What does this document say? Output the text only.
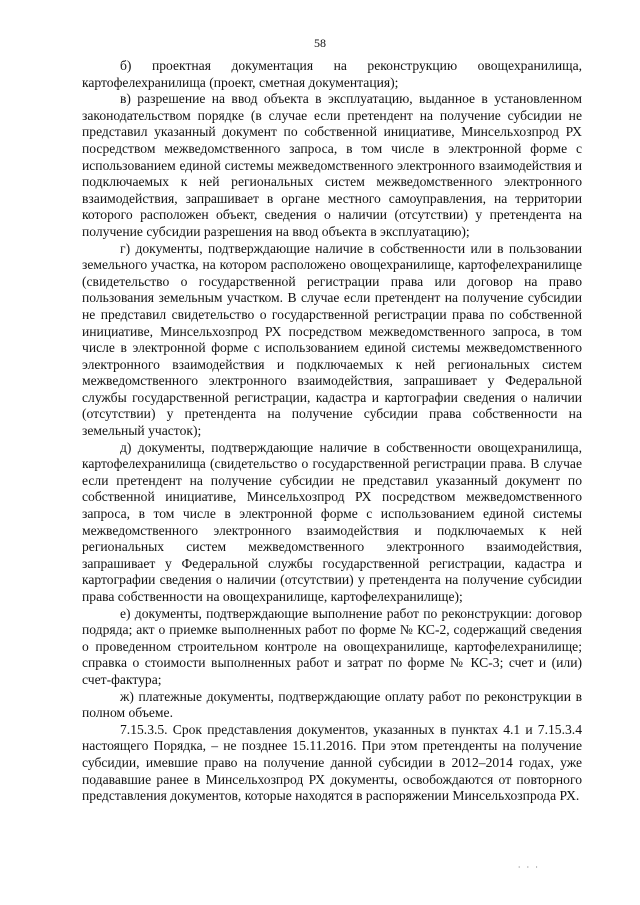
58

б) проектная документация на реконструкцию овощехранилища, картофелехранилища (проект, сметная документация);

в) разрешение на ввод объекта в эксплуатацию, выданное в установленном законодательством порядке (в случае если претендент на получение субсидии не представил указанный документ по собственной инициативе, Минсельхозпрод РХ посредством межведомственного запроса, в том числе в электронной форме с использованием единой системы межведомственного электронного взаимодействия и подключаемых к ней региональных систем межведомственного электронного взаимодействия, запрашивает в органе местного самоуправления, на территории которого расположен объект, сведения о наличии (отсутствии) у претендента на получение субсидии разрешения на ввод объекта в эксплуатацию);

г) документы, подтверждающие наличие в собственности или в пользовании земельного участка, на котором расположено овощехранилище, картофелехранилище (свидетельство о государственной регистрации права или договор на право пользования земельным участком. В случае если претендент на получение субсидии не представил свидетельство о государственной регистрации права по собственной инициативе, Минсельхозпрод РХ посредством межведомственного запроса, в том числе в электронной форме с использованием единой системы межведомственного электронного взаимодействия и подключаемых к ней региональных систем межведомственного электронного взаимодействия, запрашивает у Федеральной службы государственной регистрации, кадастра и картографии сведения о наличии (отсутствии) у претендента на получение субсидии права собственности на земельный участок);

д) документы, подтверждающие наличие в собственности овощехранилища, картофелехранилища (свидетельство о государственной регистрации права. В случае если претендент на получение субсидии не представил указанный документ по собственной инициативе, Минсельхозпрод РХ посредством межведомственного запроса, в том числе в электронной форме с использованием единой системы межведомственного электронного взаимодействия и подключаемых к ней региональных систем межведомственного электронного взаимодействия, запрашивает у Федеральной службы государственной регистрации, кадастра и картографии сведения о наличии (отсутствии) у претендента на получение субсидии права собственности на овощехранилище, картофелехранилище);

е) документы, подтверждающие выполнение работ по реконструкции: договор подряда; акт о приемке выполненных работ по форме № КС-2, содержащий сведения о проведенном строительном контроле на овощехранилище, картофелехранилище; справка о стоимости выполненных работ и затрат по форме № КС-3; счет и (или) счет-фактура;

ж) платежные документы, подтверждающие оплату работ по реконструкции в полном объеме.

7.15.3.5. Срок представления документов, указанных в пунктах 4.1 и 7.15.3.4 настоящего Порядка, – не позднее 15.11.2016. При этом претенденты на получение субсидии, имевшие право на получение данной субсидии в 2012–2014 годах, уже подававшие ранее в Минсельхозпрод РХ документы, освобождаются от повторного представления документов, которые находятся в распоряжении Минсельхозпрода РХ.

⸱ ⸱ ⸱
